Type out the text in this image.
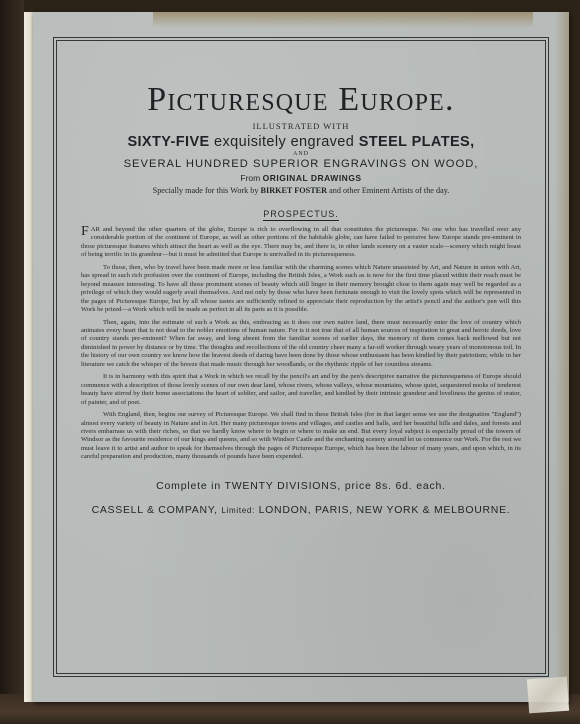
Picturesque Europe.
ILLUSTRATED WITH
SIXTY-FIVE exquisitely engraved STEEL PLATES,
AND
SEVERAL HUNDRED SUPERIOR ENGRAVINGS ON WOOD,
From ORIGINAL DRAWINGS
Specially made for this Work by BIRKET FOSTER and other Eminent Artists of the day.
PROSPECTUS.

FAR and beyond the other quarters of the globe, Europe is rich to overflowing in all that constitutes the picturesque. No one who has travelled over any considerable portion of the continent of Europe, as well as other portions of the habitable globe, can have failed to perceive how Europe stands pre-eminent in those picturesque features which attract the heart as well as the eye. There may be, and there is, in other lands scenery on a vaster scale—scenery which might boast of being terrific in its grandeur—but it must be admitted that Europe is unrivalled in its picturesqueness.

To those, then, who by travel have been made more or less familiar with the charming scenes which Nature unassisted by Art, and Nature in union with Art, has spread in such rich profusion over the continent of Europe, including the British Isles, a Work such as is now for the first time placed within their reach must be beyond measure interesting. To have all those prominent scenes of beauty which still linger in their memory brought close to them again may well be regarded as a privilege of which they would eagerly avail themselves. And not only by those who have been fortunate enough to visit the lovely spots which will be represented in the pages of Picturesque Europe, but by all whose tastes are sufficiently refined to appreciate their reproduction by the artist's pencil and the author's pen will this Work be prized—a Work which will be made as perfect in all its parts as it is possible.

Then, again, into the estimate of such a Work as this, embracing as it does our own native land, there must necessarily enter the love of country which animates every heart that is not dead to the nobler emotions of human nature. For is it not true that of all human sources of inspiration to great and heroic deeds, love of country stands pre-eminent? When far away, and long absent from the familiar scenes of earlier days, the memory of them comes back mellowed but not diminished in power by distance or by time. The thoughts and recollections of the old country cheer many a far-off worker through weary years of monotonous toil. In the history of our own country we know how the bravest deeds of daring have been done by those whose enthusiasm has been kindled by their patriotism; while in her literature we catch the whisper of the breeze that made music through her woodlands, or the rhythmic ripple of her countless streams.

It is in harmony with this spirit that a Work in which we recall by the pencil's art and by the pen's descriptive narrative the picturesqueness of Europe should commence with a description of those lovely scenes of our own dear land, whose rivers, whose valleys, whose mountains, whose quiet, sequestered nooks of tenderest beauty have stirred by their home associations the heart of soldier, and sailor, and traveller, and kindled by their intrinsic grandeur and loveliness the genius of orator, of painter, and of poet.

With England, then, begins our survey of Picturesque Europe. We shall find in these British Isles (for in that larger sense we use the designation "England") almost every variety of beauty in Nature and in Art. Her many picturesque towns and villages, and castles and halls, and her beautiful hills and dales, and forests and rivers embarrass us with their riches, so that we hardly know where to begin or where to make an end. But every loyal subject is especially proud of the towers of Windsor as the favourite residence of our kings and queens, and so with Windsor Castle and the enchanting scenery around let us commence our Work. For the rest we must leave it to artist and author to speak for themselves through the pages of Picturesque Europe, which has been the labour of many years, and upon which, in its careful preparation and production, many thousands of pounds have been expended.

Complete in TWENTY DIVISIONS, price 8s. 6d. each.
CASSELL & COMPANY, Limited: LONDON, PARIS, NEW YORK & MELBOURNE.
